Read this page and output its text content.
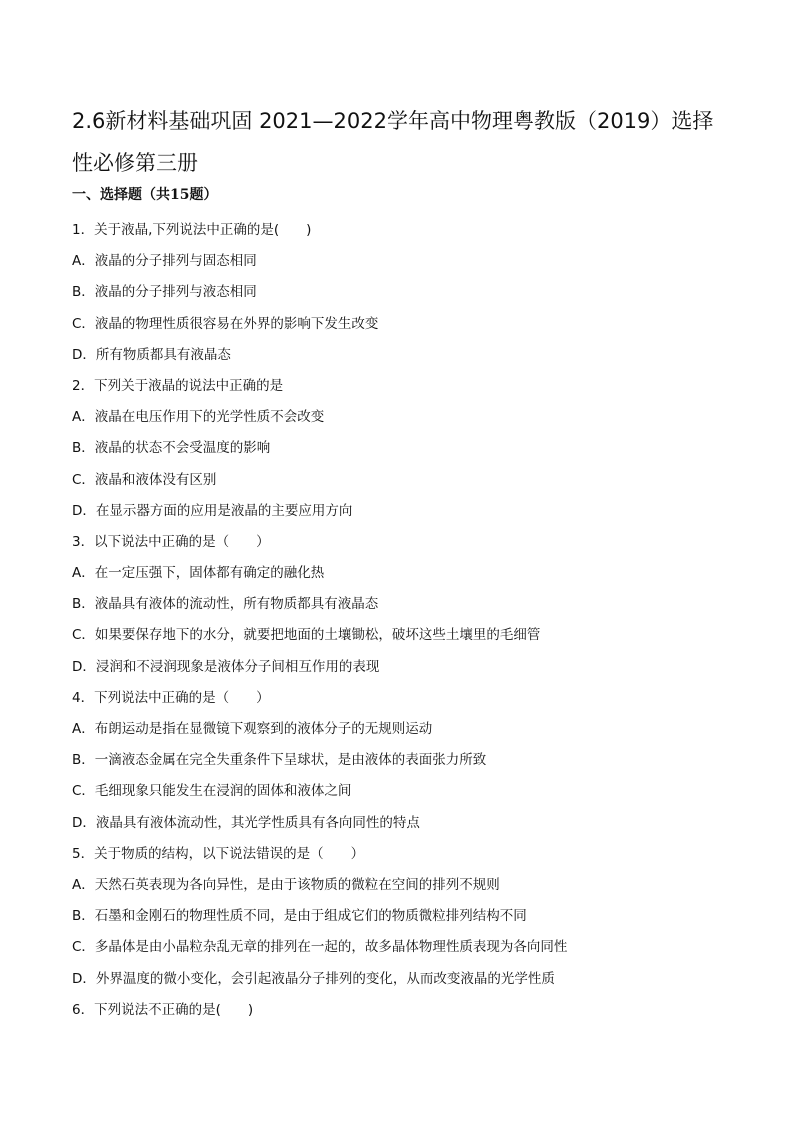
2.6新材料基础巩固 2021—2022学年高中物理粤教版（2019）选择性必修第三册
一、选择题（共15题）
1．关于液晶,下列说法中正确的是(　　)
A．液晶的分子排列与固态相同
B．液晶的分子排列与液态相同
C．液晶的物理性质很容易在外界的影响下发生改变
D．所有物质都具有液晶态
2．下列关于液晶的说法中正确的是
A．液晶在电压作用下的光学性质不会改变
B．液晶的状态不会受温度的影响
C．液晶和液体没有区别
D．在显示器方面的应用是液晶的主要应用方向
3．以下说法中正确的是（　　）
A．在一定压强下，固体都有确定的融化热
B．液晶具有液体的流动性，所有物质都具有液晶态
C．如果要保存地下的水分，就要把地面的土壤锄松，破坏这些土壤里的毛细管
D．浸润和不浸润现象是液体分子间相互作用的表现
4．下列说法中正确的是（　　）
A．布朗运动是指在显微镜下观察到的液体分子的无规则运动
B．一滴液态金属在完全失重条件下呈球状，是由液体的表面张力所致
C．毛细现象只能发生在浸润的固体和液体之间
D．液晶具有液体流动性，其光学性质具有各向同性的特点
5．关于物质的结构，以下说法错误的是（　　）
A．天然石英表现为各向异性，是由于该物质的微粒在空间的排列不规则
B．石墨和金刚石的物理性质不同，是由于组成它们的物质微粒排列结构不同
C．多晶体是由小晶粒杂乱无章的排列在一起的，故多晶体物理性质表现为各向同性
D．外界温度的微小变化，会引起液晶分子排列的变化，从而改变液晶的光学性质
6．下列说法不正确的是(　　)
